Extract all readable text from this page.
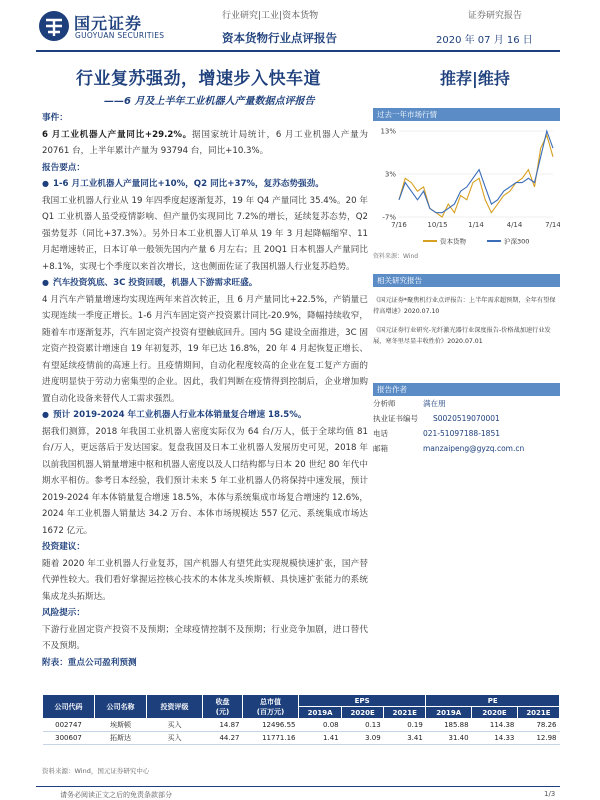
国元证券
GUOYUAN SECURITIES
行业研究|工业|资本货物	证券研究报告
资本货物行业点评报告	2020 年 07 月 16 日
行业复苏强劲，增速步入快车道
——6 月及上半年工业机器人产量数据点评报告
推荐|维持
事件：

6 月工业机器人产量同比+29.2%。据国家统计局统计，6 月工业机器人产量为 20761 台，上半年累计产量为 93794 台，同比+10.3%。

报告要点：
● 1-6 月工业机器人产量同比+10%，Q2 同比+37%，复苏态势强劲。

我国工业机器人行业从 19 年四季度起逐渐复苏，19 年 Q4 产量同比 35.4%。20 年 Q1 工业机器人虽受疫情影响、但产量仍实现同比 7.2%的增长，延续复苏态势，Q2 强势复苏（同比+37.3%）。另外日本工业机器人订单从 19 年 3 月起降幅缩窄、11 月起增速转正，日本订单一般领先国内产量 6 月左右；且 20Q1 日本机器人产量同比+8.1%，实现七个季度以来首次增长，这也侧面佐证了我国机器人行业复苏趋势。

● 汽车投资筑底、3C 投资回暖，机器人下游需求旺盛。

4 月汽车产销量增速均实现连两年来首次转正，且 6 月产量同比+22.5%，产销量已实现连续一季度正增长。1-6 月汽车固定资产投资累计同比-20.9%，降幅持续收窄，随着车市逐渐复苏，汽车固定资产投资有望触底回升。国内 5G 建设全面推进，3C 固定资产投资累计增速自 19 年初复苏，19 年已达 16.8%，20 年 4 月起恢复正增长、有望延续疫情前的高速上行。且疫情期间，自动化程度较高的企业在复工复产方面的进度明显快于劳动力密集型的企业。因此，我们判断在疫情得到控制后，企业增加购置自动化设备来替代人工需求强烈。

● 预计 2019-2024 年工业机器人行业本体销量复合增速 18.5%。

据我们测算，2018 年我国工业机器人密度实际仅为 64 台/万人，低于全球均值 81 台/万人，更远落后于发达国家。复盘我国及日本工业机器人发展历史可见，2018 年以前我国机器人销量增速中枢和机器人密度以及人口结构都与日本 20 世纪 80 年代中期水平相仿。参考日本经验，我们预计未来 5 年工业机器人仍将保持中速发展，预计 2019-2024 年本体销量复合增速 18.5%，本体与系统集成市场复合增速约 12.6%，2024 年工业机器人销量达 34.2 万台、本体市场规模达 557 亿元、系统集成市场达 1672 亿元。

投资建议：

随着 2020 年工业机器人行业复苏，国产机器人有望凭此实现规模快速扩张，国产替代弹性较大。我们看好掌握运控核心技术的本体龙头埃斯顿、具快速扩张能力的系统集成龙头拓斯达。

风险提示：

下游行业固定资产投资不及预期；全球疫情控制不及预期；行业竞争加剧，进口替代不及预期。

附表：重点公司盈利预测
过去一年市场行情
13%
3%
-7%
7/16	10/15	1/14	4/14	7/14
资本货物	沪深300
资料来源：Wind
相关研究报告

《国元证券*聚焦机行业点评报告：上半年需求超预期，全年有望保持高增速》2020.07.10

《国元证券行业研究-光纤激光器行业深度报告-价格战加速行业发展，寒冬里尽显丰收性价》2020.07.01

报告作者
分析师	满在朋
执业证书编号	S0020519070001
电话	021-51097188-1851
邮箱	manzaipeng@gyzq.com.cn
公司代码	公司名称	投资评级	收盘
(元)	总市值
(百万元)	EPS			PE		
					2019A	2020E	2021E	2019A	2020E	2021E
002747	埃斯顿	买入	14.87	12496.55	0.08	0.13	0.19	185.88	114.38	78.26
300607	拓斯达	买入	44.27	11771.16	1.41	3.09	3.41	31.40	14.33	12.98
资料来源：Wind，国元证券研究中心
请务必阅读正文之后的免责条款部分	1/3
